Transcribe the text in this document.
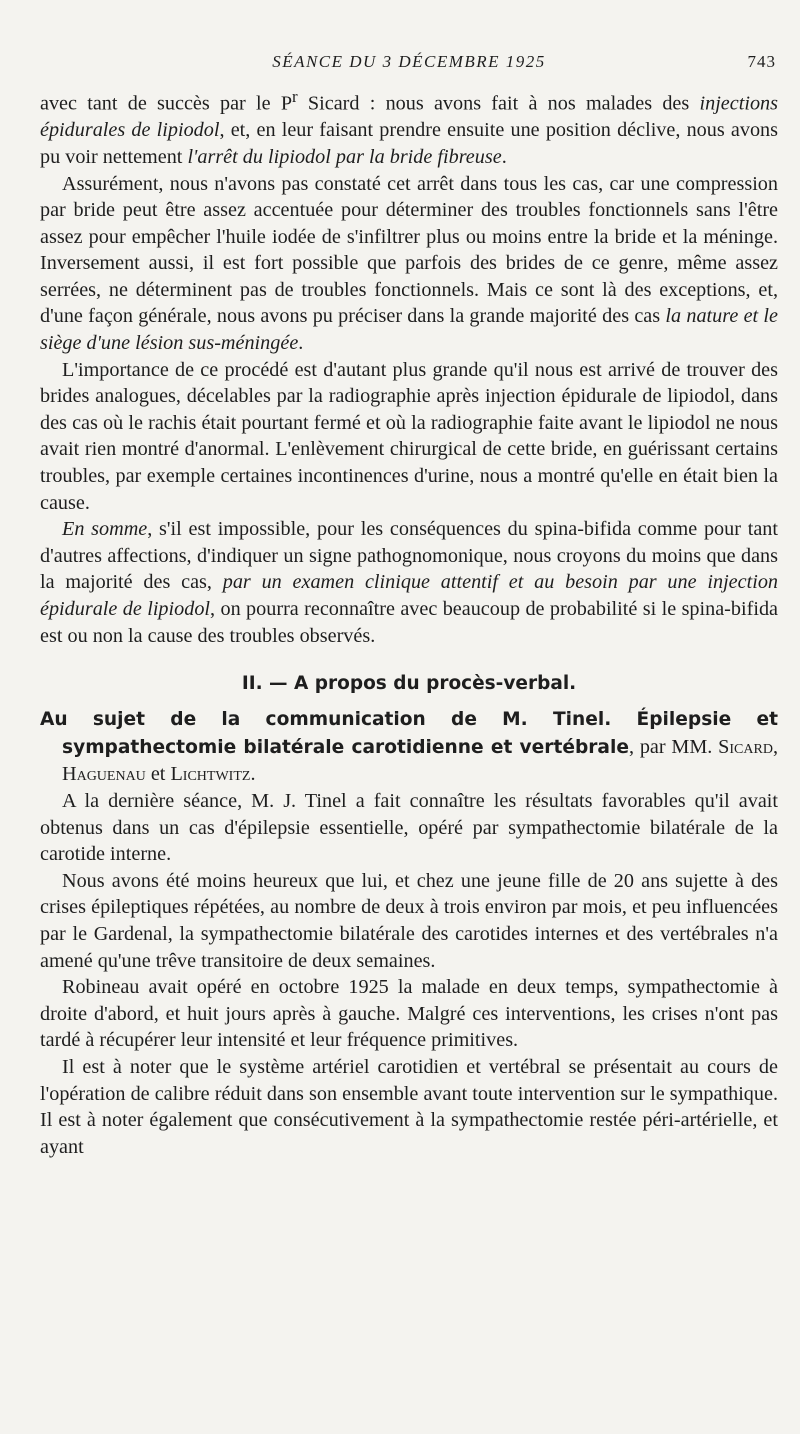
SÉANCE DU 3 DÉCEMBRE 1925	743

avec tant de succès par le $P^r$ Sicard : nous avons fait à nos malades des injections épidurales de lipiodol, et, en leur faisant prendre ensuite une position déclive, nous avons pu voir nettement l'arrêt du lipiodol par la bride fibreuse.

Assurément, nous n'avons pas constaté cet arrêt dans tous les cas, car une compression par bride peut être assez accentuée pour déterminer des troubles fonctionnels sans l'être assez pour empêcher l'huile iodée de s'infiltrer plus ou moins entre la bride et la méninge. Inversement aussi, il est fort possible que parfois des brides de ce genre, même assez serrées, ne déterminent pas de troubles fonctionnels. Mais ce sont là des exceptions, et, d'une façon générale, nous avons pu préciser dans la grande majorité des cas la nature et le siège d'une lésion sus-méningée.

L'importance de ce procédé est d'autant plus grande qu'il nous est arrivé de trouver des brides analogues, décelables par la radiographie après injection épidurale de lipiodol, dans des cas où le rachis était pourtant fermé et où la radiographie faite avant le lipiodol ne nous avait rien montré d'anormal. L'enlèvement chirurgical de cette bride, en guérissant certains troubles, par exemple certaines incontinences d'urine, nous a montré qu'elle en était bien la cause.

En somme, s'il est impossible, pour les conséquences du spina-bifida comme pour tant d'autres affections, d'indiquer un signe pathognomonique, nous croyons du moins que dans la majorité des cas, par un examen clinique attentif et au besoin par une injection épidurale de lipiodol, on pourra reconnaître avec beaucoup de probabilité si le spina-bifida est ou non la cause des troubles observés.

II. — A propos du procès-verbal.

Au sujet de la communication de M. Tinel. Épilepsie et sympathectomie bilatérale carotidienne et vertébrale, par MM. Sicard, Haguenau et Lichtwitz.

A la dernière séance, M. J. Tinel a fait connaître les résultats favorables qu'il avait obtenus dans un cas d'épilepsie essentielle, opéré par sympathectomie bilatérale de la carotide interne.

Nous avons été moins heureux que lui, et chez une jeune fille de 20 ans sujette à des crises épileptiques répétées, au nombre de deux à trois environ par mois, et peu influencées par le Gardenal, la sympathectomie bilatérale des carotides internes et des vertébrales n'a amené qu'une trêve transitoire de deux semaines.

Robineau avait opéré en octobre 1925 la malade en deux temps, sympathectomie à droite d'abord, et huit jours après à gauche. Malgré ces interventions, les crises n'ont pas tardé à récupérer leur intensité et leur fréquence primitives.

Il est à noter que le système artériel carotidien et vertébral se présentait au cours de l'opération de calibre réduit dans son ensemble avant toute intervention sur le sympathique. Il est à noter également que consécutivement à la sympathectomie restée péri-artérielle, et ayant
